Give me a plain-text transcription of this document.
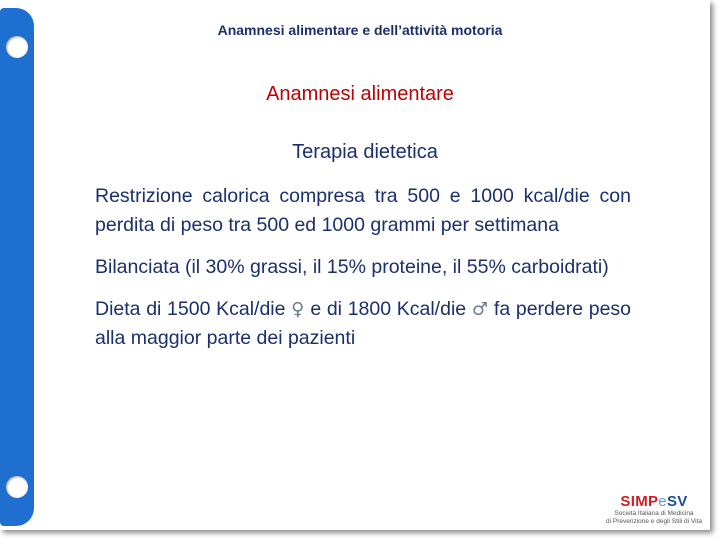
Anamnesi alimentare e dell’attività motoria
Anamnesi alimentare
Terapia dietetica

Restrizione calorica compresa tra 500 e 1000 kcal/die con perdita di peso tra 500 ed 1000 grammi per settimana

Bilanciata (il 30% grassi, il 15% proteine, il 55% carboidrati)

Dieta di 1500 Kcal/die ♀ e di 1800 Kcal/die ♂ fa perdere peso alla maggior parte dei pazienti

SIMPeSV
Società Italiana di Medicina
di Prevenzione e degli Stili di Vita
